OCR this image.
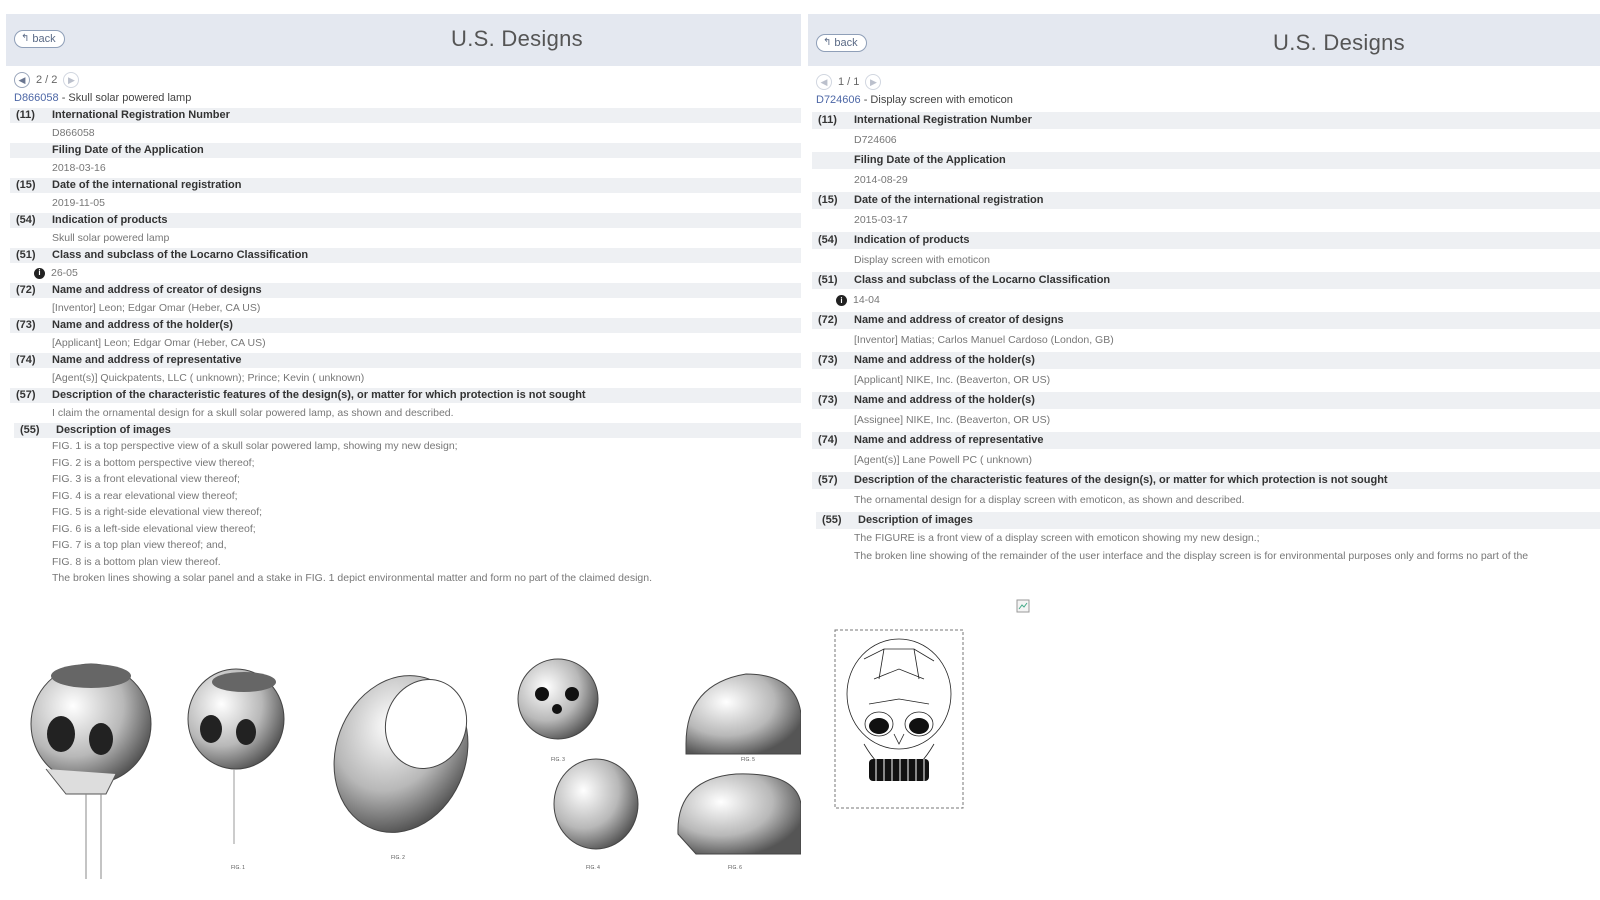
↰ back	U.S. Designs
◀ 2 / 2	▶
D866058 - Skull solar powered lamp
(11)	International Registration Number
D866058
Filing Date of the Application
2018-03-16
(15)	Date of the international registration
2019-11-05
(54)	Indication of products
Skull solar powered lamp
(51)	Class and subclass of the Locarno Classification
i 26-05
(72)	Name and address of creator of designs
[Inventor] Leon; Edgar Omar (Heber, CA US)
(73)	Name and address of the holder(s)
[Applicant] Leon; Edgar Omar (Heber, CA US)
(74)	Name and address of representative
[Agent(s)] Quickpatents, LLC ( unknown); Prince; Kevin ( unknown)
(57)	Description of the characteristic features of the design(s), or matter for which protection is not sought
I claim the ornamental design for a skull solar powered lamp, as shown and described.
(55)	Description of images
FIG. 1 is a top perspective view of a skull solar powered lamp, showing my new design;
FIG. 2 is a bottom perspective view thereof;
FIG. 3 is a front elevational view thereof;
FIG. 4 is a rear elevational view thereof;
FIG. 5 is a right-side elevational view thereof;
FIG. 6 is a left-side elevational view thereof;
FIG. 7 is a top plan view thereof; and,
FIG. 8 is a bottom plan view thereof.
The broken lines showing a solar panel and a stake in FIG. 1 depict environmental matter and form no part of the claimed design.
FIG. 1
FIG. 2
FIG. 3
FIG. 4
FIG. 5
FIG. 6
↰ back	U.S. Designs
◀ 1 / 1	▶
D724606 - Display screen with emoticon
(11)	International Registration Number
D724606
Filing Date of the Application
2014-08-29
(15)	Date of the international registration
2015-03-17
(54)	Indication of products
Display screen with emoticon
(51)	Class and subclass of the Locarno Classification
i 14-04
(72)	Name and address of creator of designs
[Inventor] Matias; Carlos Manuel Cardoso (London, GB)
(73)	Name and address of the holder(s)
[Applicant] NIKE, Inc. (Beaverton, OR US)
(73)	Name and address of the holder(s)
[Assignee] NIKE, Inc. (Beaverton, OR US)
(74)	Name and address of representative
[Agent(s)] Lane Powell PC ( unknown)
(57)	Description of the characteristic features of the design(s), or matter for which protection is not sought
The ornamental design for a display screen with emoticon, as shown and described.
(55)	Description of images
The FIGURE is a front view of a display screen with emoticon showing my new design.;
The broken line showing of the remainder of the user interface and the display screen is for environmental purposes only and forms no part of the
